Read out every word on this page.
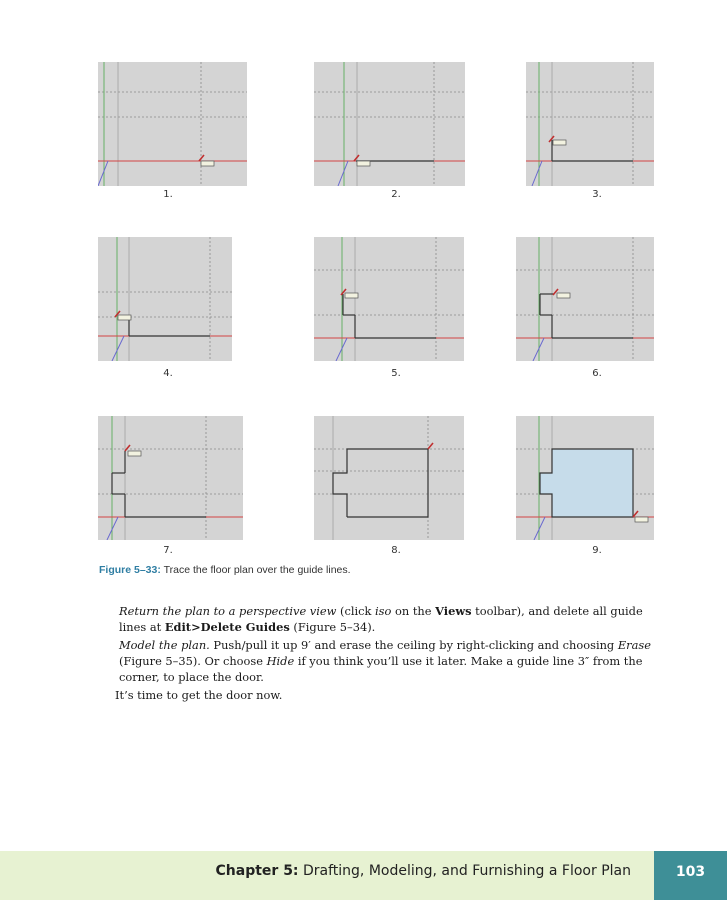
1.	2.	3.
4.	5.	6.
7.	8.	9.
Figure 5–33: Trace the floor plan over the guide lines.

Return the plan to a perspective view (click iso on the Views toolbar), and delete all guide lines at Edit>Delete Guides (Figure 5–34).

Model the plan. Push/pull it up 9′ and erase the ceiling by right-clicking and choosing Erase (Figure 5–35). Or choose Hide if you think you’ll use it later. Make a guide line 3″ from the corner, to place the door.

It’s time to get the door now.

Chapter 5: Drafting, Modeling, and Furnishing a Floor Plan	103
